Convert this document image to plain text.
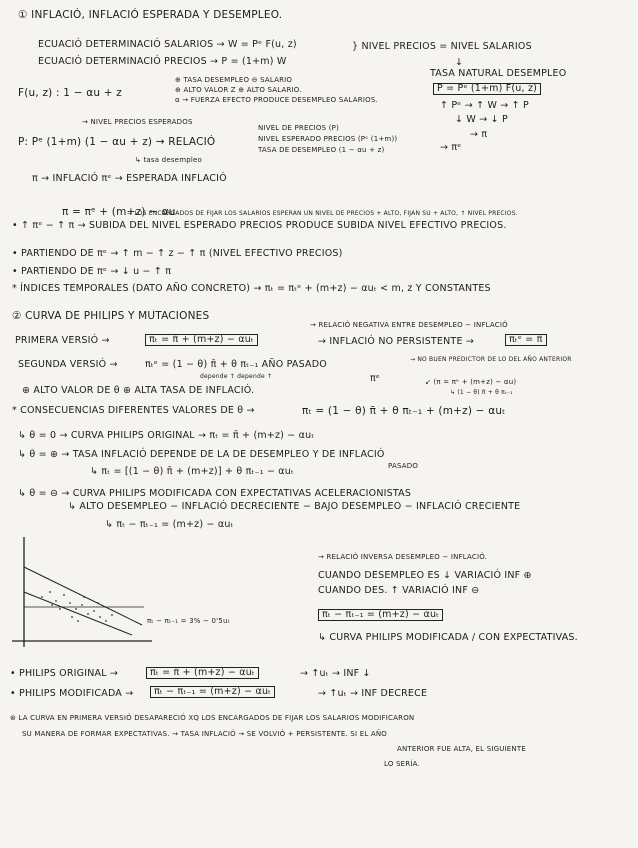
① INFLACIÓ, INFLACIÓ ESPERADA Y DESEMPLEO.
ECUACIÓ DETERMINACIÓ SALARIOS → W = Pᵉ F(u, z)	} NIVEL PRECIOS = NIVEL SALARIOS
ECUACIÓ DETERMINACIÓ PRECIOS → P = (1+m) W	↓
TASA NATURAL DESEMPLEO
⊕ TASA DESEMPLEO ⊖ SALARIO
F(u, z) : 1 − αu + z	⊕ ALTO VALOR Z ⊕ ALTO SALARIO.
α → FUERZA EFECTO PRODUCE DESEMPLEO SALARIOS.
P = Pᵉ (1+m) F(u, z)
→ NIVEL PRECIOS ESPERADOS
↑ Pᵉ → ↑ W → ↑ P
↓ W → ↓ P
P: Pᵉ (1+m) (1 − αu + z) → RELACIÓ
NIVEL DE PRECIOS (P)
NIVEL ESPERADO PRECIOS (Pᵉ (1+m))
TASA DE DESEMPLEO (1 − αu + z)
→ π
→ πᵉ
↳ tasa desempleo
π → INFLACIÓ πᵉ → ESPERADA INFLACIÓ
π = πᵉ + (m+z) − αu
→ LOS ENCARGADOS DE FIJAR LOS SALARIOS ESPERAN UN NIVEL DE PRECIOS + ALTO, FIJAN SU + ALTO, ↑ NIVEL PRECIOS.
• ↑ πᵉ − ↑ π → SUBIDA DEL NIVEL ESPERADO PRECIOS PRODUCE SUBIDA NIVEL EFECTIVO PRECIOS.
• PARTIENDO DE πᵉ → ↑ m − ↑ z − ↑ π (NIVEL EFECTIVO PRECIOS)
• PARTIENDO DE πᵉ → ↓ u − ↑ π
* ÍNDICES TEMPORALES (DATO AÑO CONCRETO) → πₜ = πₜᵉ + (m+z) − αuₜ < m, z Y CONSTANTES
② CURVA DE PHILIPS Y MUTACIONES
→ RELACIÓ NEGATIVA ENTRE DESEMPLEO − INFLACIÓ
PRIMERA VERSIÓ →	πₜ = π̄ + (m+z) − αuₜ	→ INFLACIÓ NO PERSISTENTE →	πₜᵉ = π̄
SEGUNDA VERSIÓ →	πₜᵉ = (1 − θ) π̄ + θ πₜ₋₁ AÑO PASADO	→ NO BUEN PREDICTOR DE LO DEL AÑO ANTERIOR
depende ↑ depende ↑	πᵉ	↙ (π = πᵉ + (m+z) − αu)
⊕ ALTO VALOR DE θ ⊕ ALTA TASA DE INFLACIÓ.	↳ (1 − θ) π̄ + θ πₜ₋₁
* CONSECUENCIAS DIFERENTES VALORES DE θ →	πₜ = (1 − θ) π̄ + θ πₜ₋₁ + (m+z) − αuₜ
↳ θ = 0 → CURVA PHILIPS ORIGINAL → πₜ = π̄ + (m+z) − αuₜ
↳ θ = ⊕ → TASA INFLACIÓ DEPENDE DE LA DE DESEMPLEO Y DE INFLACIÓ
PASADO
↳ πₜ = [(1 − θ) π̄ + (m+z)] + θ πₜ₋₁ − αuₜ
↳ θ = ⊖ → CURVA PHILIPS MODIFICADA CON EXPECTATIVAS ACELERACIONISTAS
↳ ALTO DESEMPLEO − INFLACIÓ DECRECIENTE − BAJO DESEMPLEO − INFLACIÓ CRECIENTE
↳ πₜ − πₜ₋₁ = (m+z) − αuₜ
→ RELACIÓ INVERSA DESEMPLEO − INFLACIÓ.
CUANDO DESEMPLEO ES ↓ VARIACIÓ INF ⊕
CUANDO DES. ↑ VARIACIÓ INF ⊖
πₜ − πₜ₋₁ = 3% − 0'5uₜ
πₜ − πₜ₋₁ = (m+z) − αuₜ
↳ CURVA PHILIPS MODIFICADA / CON EXPECTATIVAS.
• PHILIPS ORIGINAL →	πₜ = π̄ + (m+z) − αuₜ	→ ↑uₜ → INF ↓
• PHILIPS MODIFICADA →	πₜ − πₜ₋₁ = (m+z) − αuₜ	→ ↑uₜ → INF DECRECE
⊛ LA CURVA EN PRIMERA VERSIÓ DESAPARECIÓ XQ LOS ENCARGADOS DE FIJAR LOS SALARIOS MODIFICARON
SU MANERA DE FORMAR EXPECTATIVAS. → TASA INFLACIÓ → SE VOLVIÓ + PERSISTENTE. SI EL AÑO
ANTERIOR FUE ALTA, EL SIGUIENTE
LO SERÍA.
